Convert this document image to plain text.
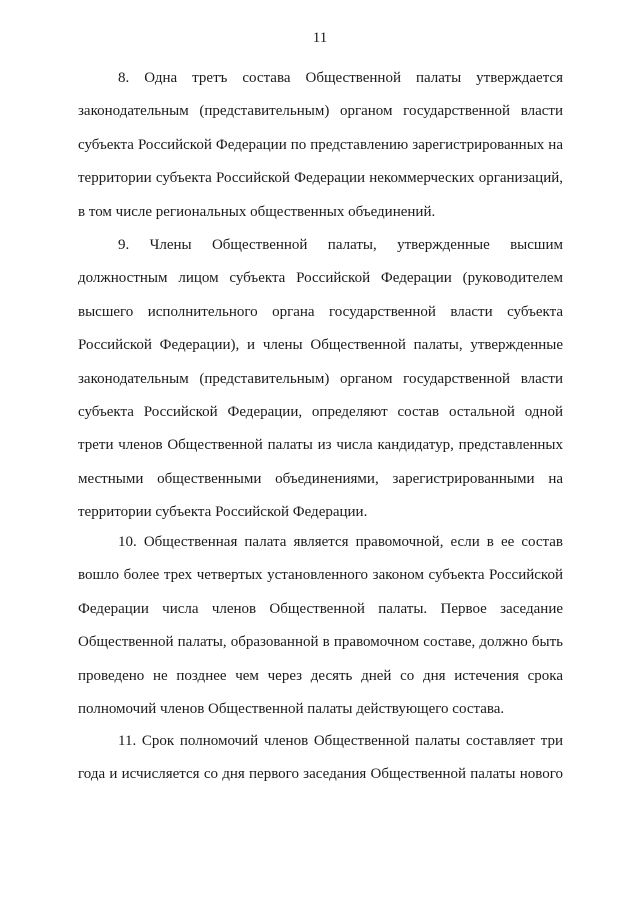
11
8. Одна третъ состава Общественной палаты утверждается
законодательным (представительным) органом государственной власти
субъекта Российской Федерации по представлению зарегистрированных на
территории субъекта Российской Федерации некоммерческих организаций,
в том числе региональных общественных объединений.
9. Члены Общественной палаты, утвержденные высшим
должностным лицом субъекта Российской Федерации (руководителем
высшего исполнительного органа государственной власти субъекта
Российской Федерации), и члены Общественной палаты, утвержденные
законодательным (представительным) органом государственной власти
субъекта Российской Федерации, определяют состав остальной одной
трети членов Общественной палаты из числа кандидатур, представленных
местными общественными объединениями, зарегистрированными на
территории субъекта Российской Федерации.
10. Общественная палата является правомочной, если в ее состав
вошло более трех четвертых установленного законом субъекта Российской
Федерации числа членов Общественной палаты. Первое заседание
Общественной палаты, образованной в правомочном составе, должно быть
проведено не позднее чем через десять дней со дня истечения срока
полномочий членов Общественной палаты действующего состава.
11. Срок полномочий членов Общественной палаты составляет три
года и исчисляется со дня первого заседания Общественной палаты нового
